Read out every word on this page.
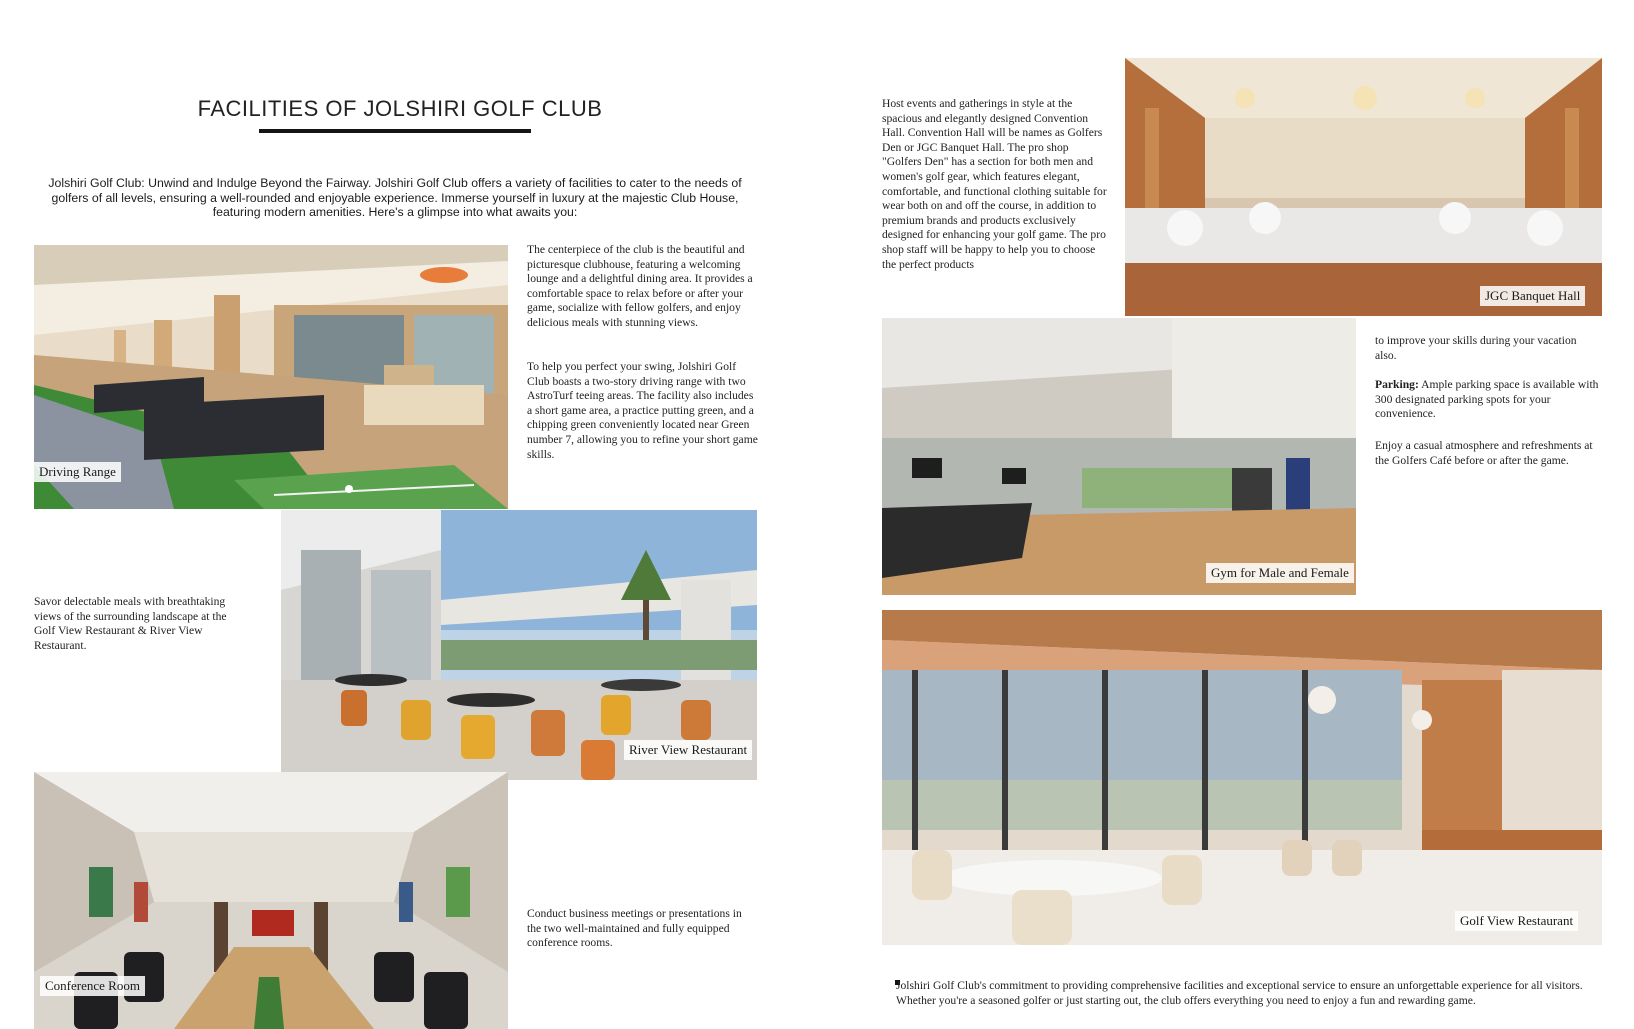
FACILITIES OF JOLSHIRI GOLF CLUB
Jolshiri Golf Club: Unwind and Indulge Beyond the Fairway. Jolshiri Golf Club offers a variety of facilities to cater to the needs of golfers of all levels, ensuring a well-rounded and enjoyable experience. Immerse yourself in luxury at the majestic Club House, featuring modern amenities. Here's a glimpse into what awaits you:
Driving Range
The centerpiece of the club is the beautiful and picturesque clubhouse, featuring a welcoming lounge and a delightful dining area. It provides a comfortable space to relax before or after your game, socialize with fellow golfers, and enjoy delicious meals with stunning views.
To help you perfect your swing, Jolshiri Golf Club boasts a two-story driving range with two AstroTurf teeing areas. The facility also includes a short game area, a practice putting green, and a chipping green conveniently located near Green number 7, allowing you to refine your short game skills.
River View Restaurant
Savor delectable meals with breathtaking views of the surrounding landscape at the Golf View Restaurant & River View Restaurant.
Conference Room
Conduct business meetings or presentations in the two well-maintained and fully equipped conference rooms.
Host events and gatherings in style at the spacious and elegantly designed Convention Hall. Convention Hall will be names as Golfers Den or JGC Banquet Hall. The pro shop "Golfers Den" has a section for both men and women's golf gear, which features elegant, comfortable, and functional clothing suitable for wear both on and off the course, in addition to premium brands and products exclusively designed for enhancing your golf game. The pro shop staff will be happy to help you to choose the perfect products
JGC Banquet Hall
Gym for Male and Female
to improve your skills during your vacation also.
Parking: Ample parking space is available with 300 designated parking spots for your convenience.
Enjoy a casual atmosphere and refreshments at the Golfers Café before or after the game.
Golf View Restaurant
Jolshiri Golf Club's commitment to providing comprehensive facilities and exceptional service to ensure an unforgettable experience for all visitors. Whether you're a seasoned golfer or just starting out, the club offers everything you need to enjoy a fun and rewarding game.
